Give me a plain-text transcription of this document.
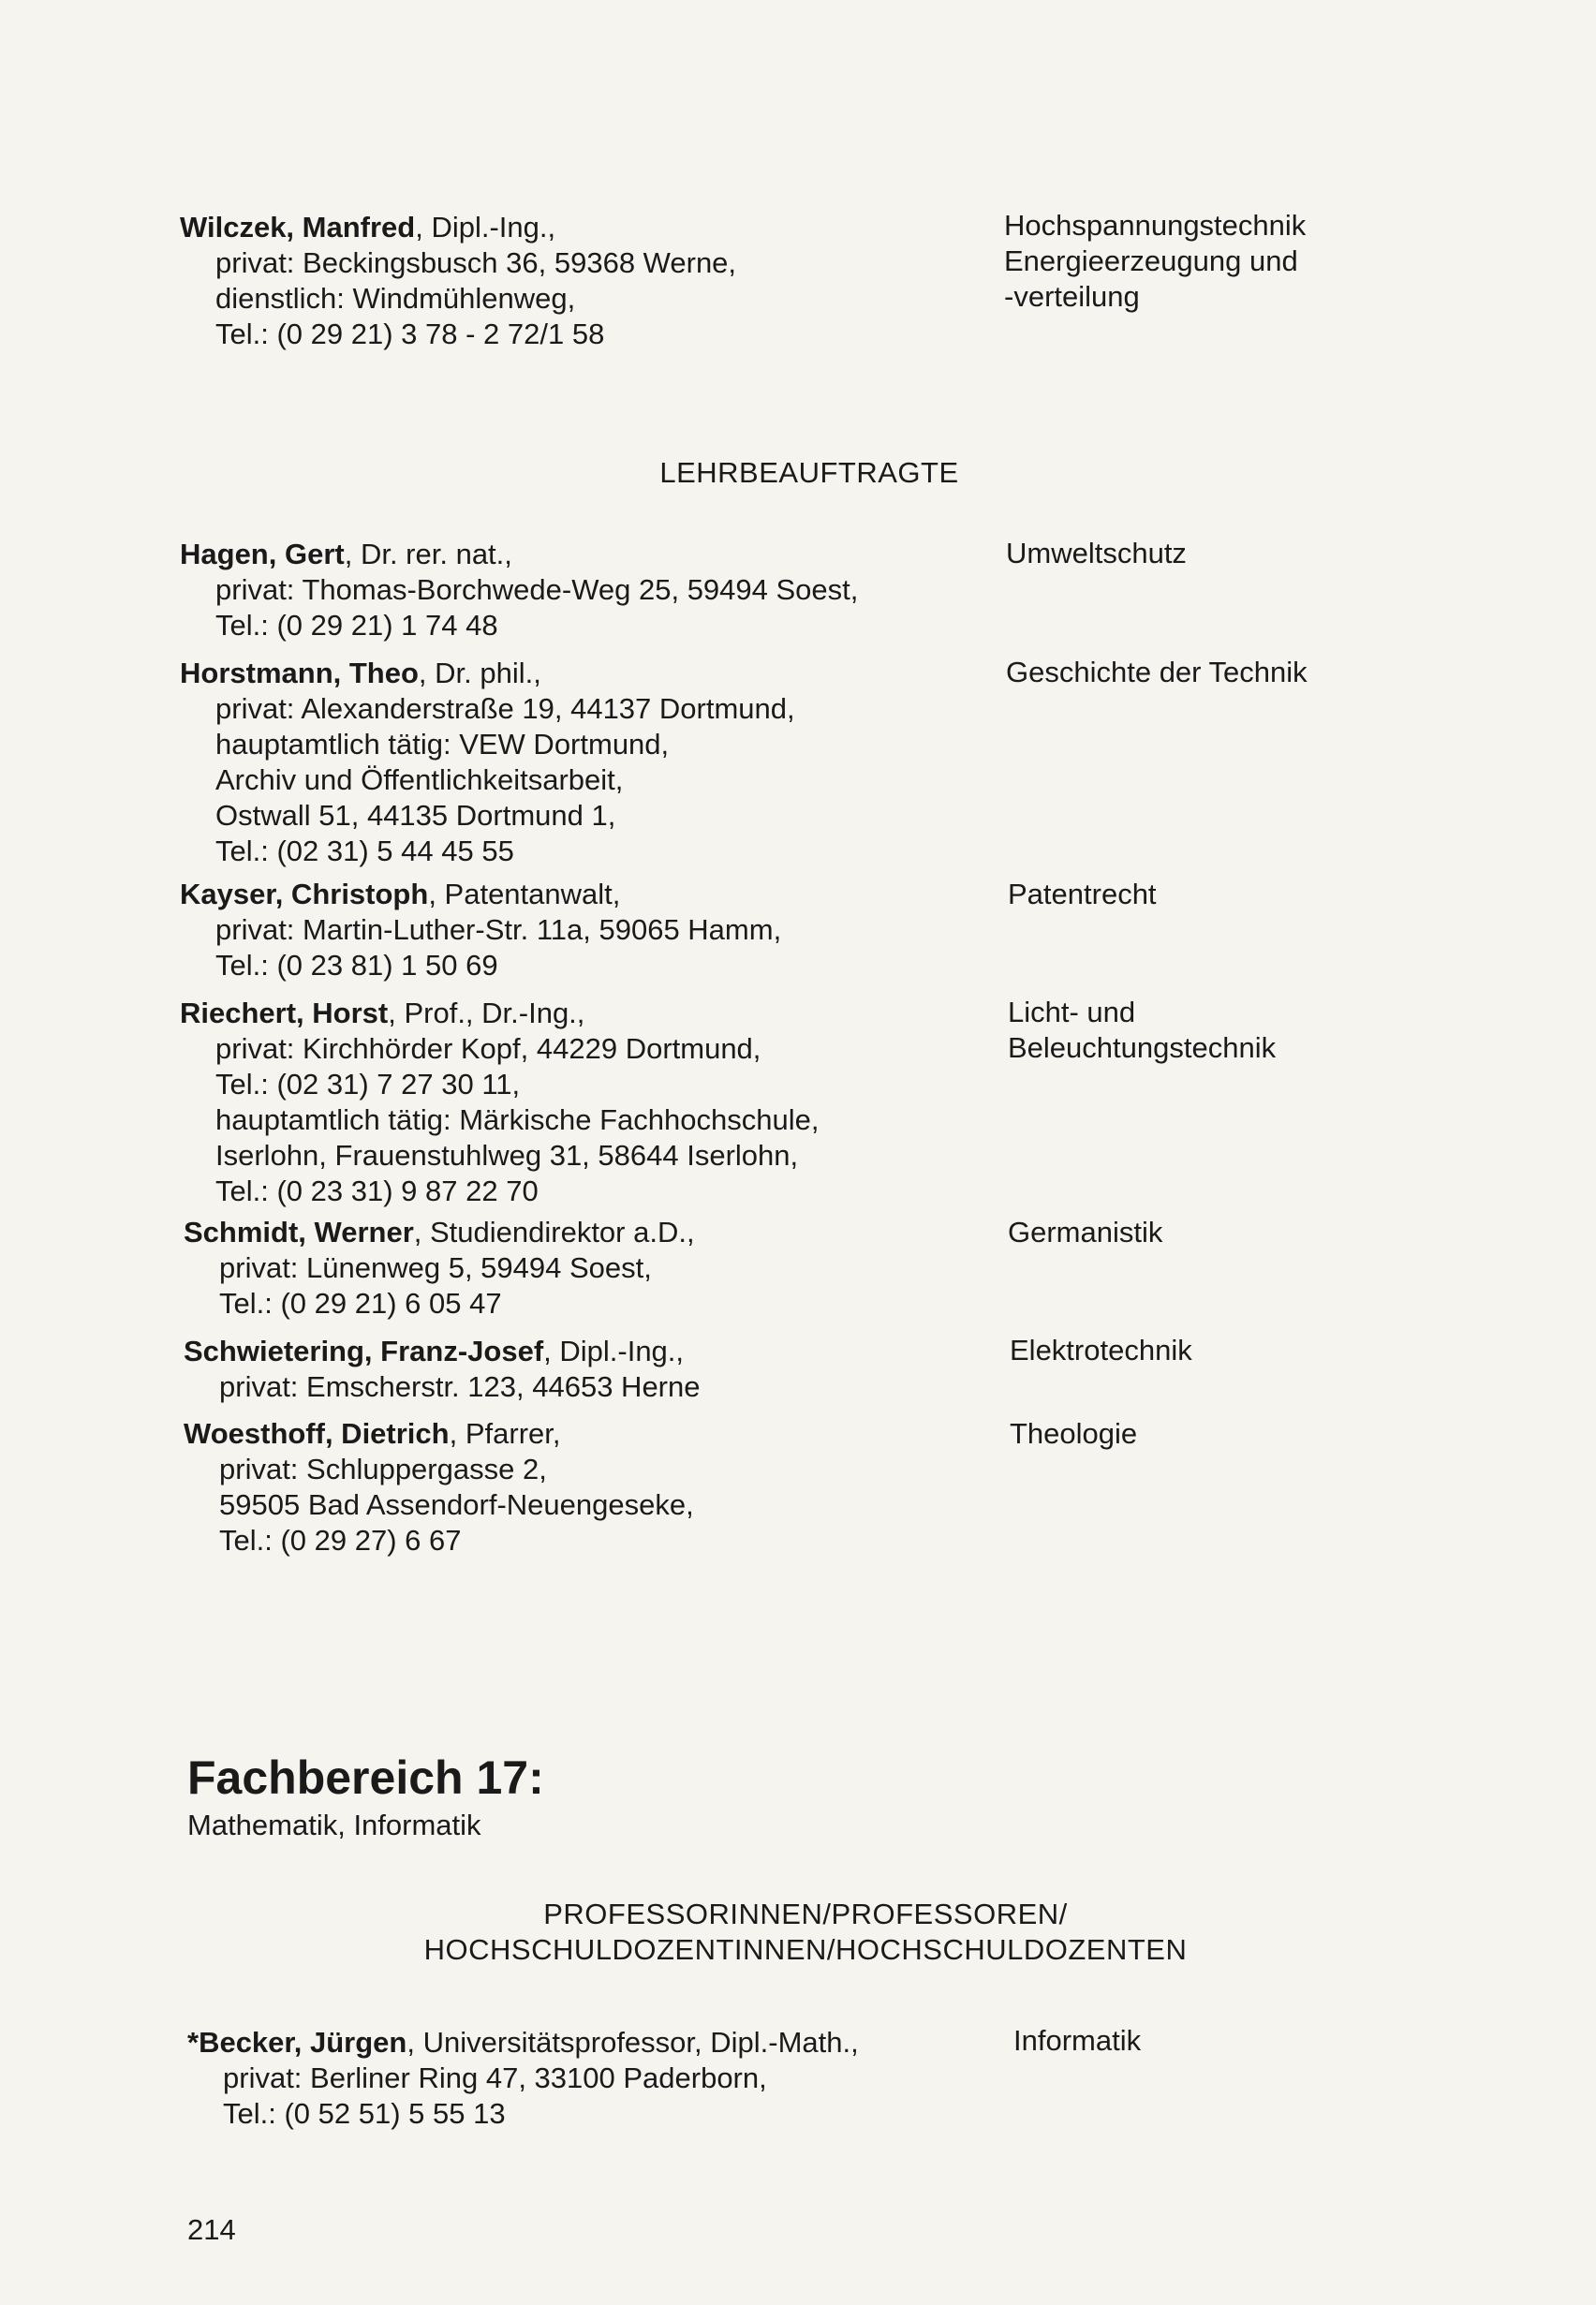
Wilczek, Manfred, Dipl.-Ing.,
privat: Beckingsbusch 36, 59368 Werne,
dienstlich: Windmühlenweg,
Tel.: (0 29 21) 3 78 - 2 72/1 58
Hochspannungstechnik
Energieerzeugung und
-verteilung
LEHRBEAUFTRAGTE
Hagen, Gert, Dr. rer. nat.,
privat: Thomas-Borchwede-Weg 25, 59494 Soest,
Tel.: (0 29 21) 1 74 48
Umweltschutz
Horstmann, Theo, Dr. phil.,
privat: Alexanderstraße 19, 44137 Dortmund,
hauptamtlich tätig: VEW Dortmund,
Archiv und Öffentlichkeitsarbeit,
Ostwall 51, 44135 Dortmund 1,
Tel.: (02 31) 5 44 45 55
Geschichte der Technik
Kayser, Christoph, Patentanwalt,
privat: Martin-Luther-Str. 11a, 59065 Hamm,
Tel.: (0 23 81) 1 50 69
Patentrecht
Riechert, Horst, Prof., Dr.-Ing.,
privat: Kirchhörder Kopf, 44229 Dortmund,
Tel.: (02 31) 7 27 30 11,
hauptamtlich tätig: Märkische Fachhochschule,
Iserlohn, Frauenstuhlweg 31, 58644 Iserlohn,
Tel.: (0 23 31) 9 87 22 70
Licht- und
Beleuchtungstechnik
Schmidt, Werner, Studiendirektor a.D.,
privat: Lünenweg 5, 59494 Soest,
Tel.: (0 29 21) 6 05 47
Germanistik
Schwietering, Franz-Josef, Dipl.-Ing.,
privat: Emscherstr. 123, 44653 Herne
Elektrotechnik
Woesthoff, Dietrich, Pfarrer,
privat: Schluppergasse 2,
59505 Bad Assendorf-Neuengeseke,
Tel.: (0 29 27) 6 67
Theologie
Fachbereich 17:
Mathematik, Informatik
PROFESSORINNEN/PROFESSOREN/
HOCHSCHULDOZENTINNEN/HOCHSCHULDOZENTEN
*Becker, Jürgen, Universitätsprofessor, Dipl.-Math.,
privat: Berliner Ring 47, 33100 Paderborn,
Tel.: (0 52 51) 5 55 13
Informatik
214
